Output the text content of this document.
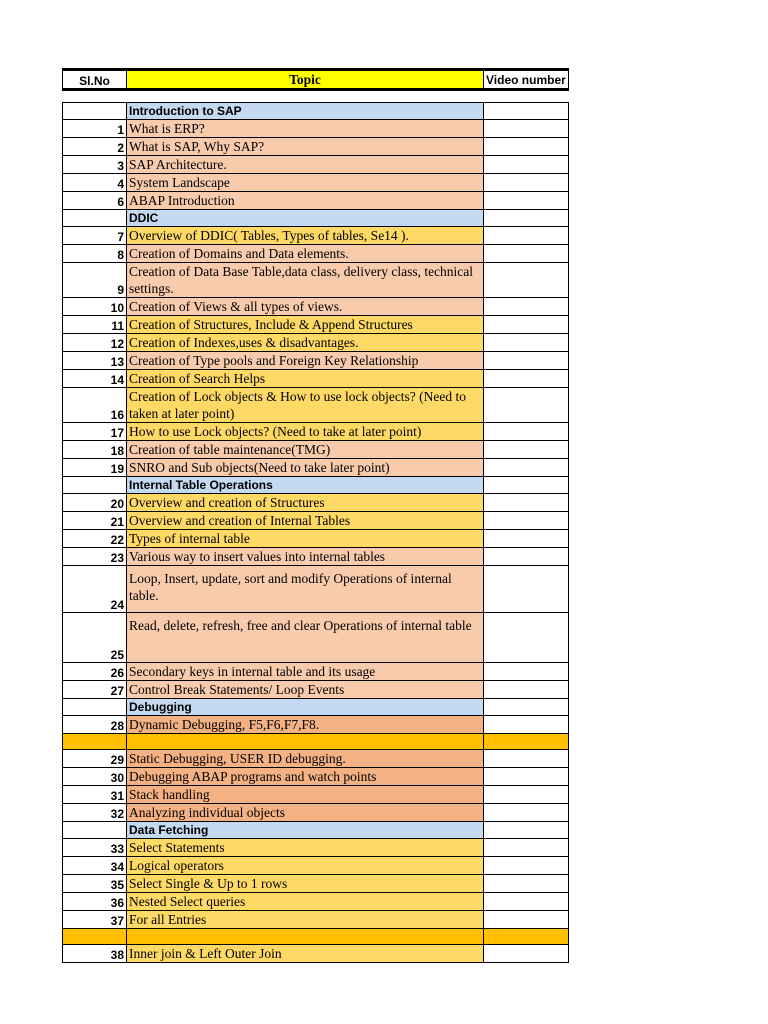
Sl.No	Topic	Video number

	Introduction to SAP	
1	What is ERP?	
2	What is SAP, Why SAP?	
3	SAP Architecture.	
4	System Landscape	
6	ABAP Introduction	
	DDIC	
7	Overview of DDIC( Tables, Types of tables, Se14 ).	
8	Creation of Domains and Data elements.	
9	Creation of Data Base Table,data class, delivery class, technical settings.	
10	Creation of Views & all types of views.	
11	Creation of Structures, Include & Append Structures	
12	Creation of Indexes,uses & disadvantages.	
13	Creation of Type pools and Foreign Key Relationship	
14	Creation of Search Helps	
16	Creation of Lock objects & How to use lock objects? (Need to taken at later point)	
17	How to use Lock objects? (Need to take at later point)	
18	Creation of table maintenance(TMG)	
19	SNRO and Sub objects(Need to take later point)	
	Internal Table Operations	
20	Overview and creation of Structures	
21	Overview and creation of Internal Tables	
22	Types of internal table	
23	Various way to insert values into internal tables	
24	Loop, Insert, update, sort and modify Operations of internal table.	
25	Read, delete, refresh, free and clear Operations of internal table	
26	Secondary keys in internal table and its usage	
27	Control Break Statements/ Loop Events	
	Debugging	
28	Dynamic Debugging, F5,F6,F7,F8.	

29	Static Debugging, USER ID debugging.	
30	Debugging ABAP programs and watch points	
31	Stack handling	
32	Analyzing individual objects	
	Data Fetching	
33	Select Statements	
34	Logical operators	
35	Select Single & Up to 1 rows	
36	Nested Select queries	
37	For all Entries	

38	Inner join & Left Outer Join	
